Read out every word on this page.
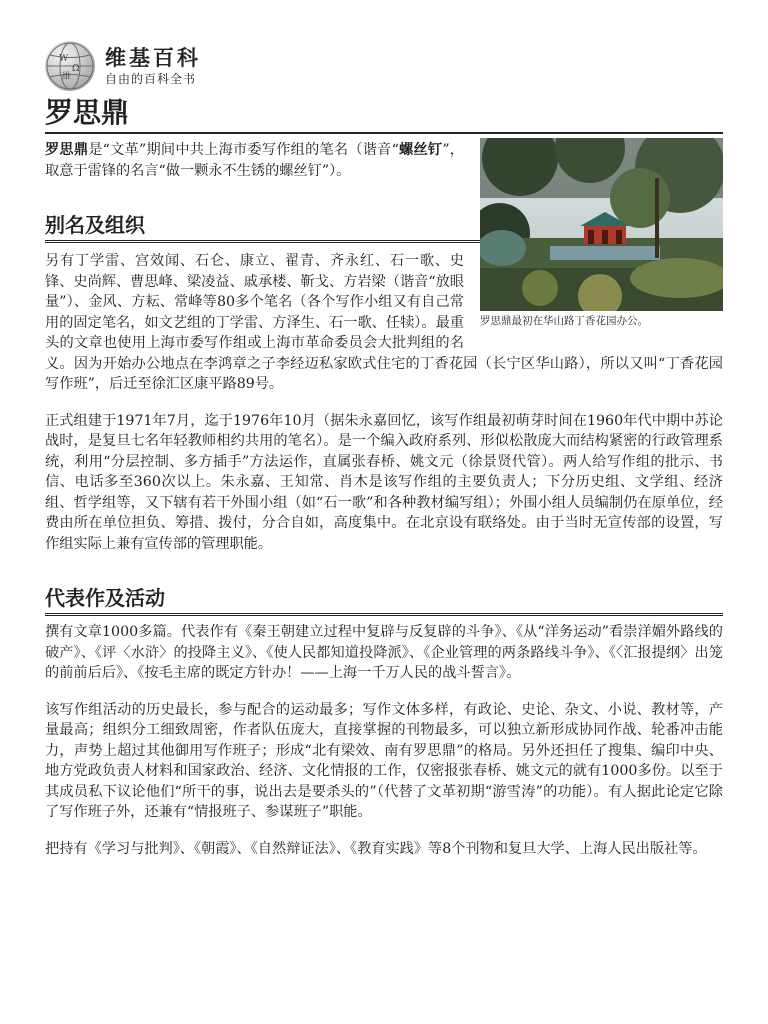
W
Ω
維
维基百科
自由的百科全书
罗思鼎
罗思鼎最初在华山路丁香花园办公。

罗思鼎是“文革”期间中共上海市委写作组的笔名（谐音“螺丝钉”，取意于雷锋的名言“做一颗永不生锈的螺丝钉”）。

别名及组织

另有丁学雷、宫效闻、石仑、康立、翟青、齐永红、石一歌、史锋、史尚辉、曹思峰、梁凌益、戚承楼、靳戈、方岩梁（谐音“放眼量”）、金风、方耘、常峰等80多个笔名（各个写作小组又有自己常用的固定笔名，如文艺组的丁学雷、方泽生、石一歌、任犊）。最重头的文章也使用上海市委写作组或上海市革命委员会大批判组的名义。因为开始办公地点在李鸿章之子李经迈私家欧式住宅的丁香花园（长宁区华山路），所以又叫“丁香花园写作班”，后迁至徐汇区康平路89号。

正式组建于1971年7月，迄于1976年10月（据朱永嘉回忆，该写作组最初萌芽时间在1960年代中期中苏论战时，是复旦七名年轻教师相约共用的笔名）。是一个编入政府系列、形似松散庞大而结构紧密的行政管理系统，利用“分层控制、多方插手”方法运作，直属张春桥、姚文元（徐景贤代管）。两人给写作组的批示、书信、电话多至360次以上。朱永嘉、王知常、肖木是该写作组的主要负责人；下分历史组、文学组、经济组、哲学组等，又下辖有若干外围小组（如“石一歌”和各种教材编写组）；外围小组人员编制仍在原单位，经费由所在单位担负、筹措、拨付，分合自如，高度集中。在北京设有联络处。由于当时无宣传部的设置，写作组实际上兼有宣传部的管理职能。

代表作及活动

撰有文章1000多篇。代表作有《秦王朝建立过程中复辟与反复辟的斗争》、《从“洋务运动”看崇洋媚外路线的破产》、《评〈水浒〉的投降主义》、《使人民都知道投降派》、《企业管理的两条路线斗争》、《〈汇报提纲〉出笼的前前后后》、《按毛主席的既定方针办！——上海一千万人民的战斗誓言》。

该写作组活动的历史最长，参与配合的运动最多；写作文体多样，有政论、史论、杂文、小说、教材等，产量最高；组织分工细致周密，作者队伍庞大，直接掌握的刊物最多，可以独立新形成协同作战、轮番冲击能力，声势上超过其他御用写作班子；形成“北有梁效、南有罗思鼎”的格局。另外还担任了搜集、编印中央、地方党政负责人材料和国家政治、经济、文化情报的工作，仅密报张春桥、姚文元的就有1000多份。以至于其成员私下议论他们“所干的事，说出去是要杀头的”（代替了文革初期“游雪涛”的功能）。有人据此论定它除了写作班子外，还兼有“情报班子、参谋班子”职能。

把持有《学习与批判》、《朝霞》、《自然辩证法》、《教育实践》等8个刊物和复旦大学、上海人民出版社等。
